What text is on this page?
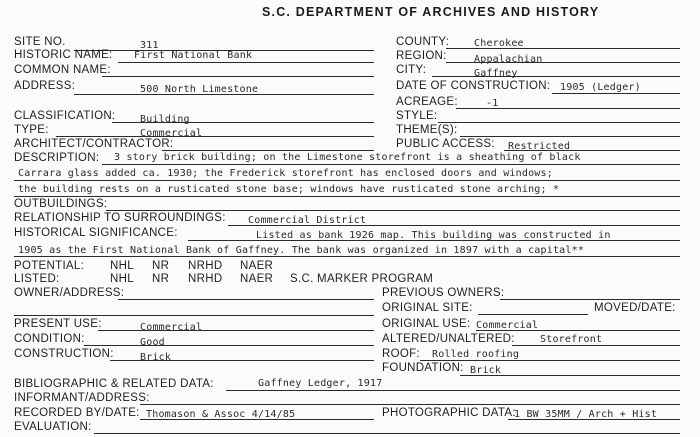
S.C. DEPARTMENT OF ARCHIVES AND HISTORY
SITE NO.	311
HISTORIC NAME: First National Bank
COMMON NAME:
ADDRESS:	500 North Limestone
COUNTY: Cherokee
REGION:	Appalachian
CITY:	Gaffney
DATE OF CONSTRUCTION: 1905 (Ledger)
ACREAGE:	-1
CLASSIFICATION: Building
TYPE:	Commercial
STYLE:
THEME(S):
ARCHITECT/CONTRACTOR:	PUBLIC ACCESS: Restricted
DESCRIPTION: 3 story brick building; on the Limestone storefront is a sheathing of black
Carrara glass added ca. 1930; the Frederick storefront has enclosed doors and windows;
the building rests on a rusticated stone base; windows have rusticated stone arching; *
OUTBUILDINGS:
RELATIONSHIP TO SURROUNDINGS: Commercial District
HISTORICAL SIGNIFICANCE:	Listed as bank 1926 map. This building was constructed in
1905 as the First National Bank of Gaffney. The bank was organized in 1897 with a capital**
POTENTIAL: NHL NR NRHD NAER
LISTED:	NHL NR NRHD NAER S.C. MARKER PROGRAM
OWNER/ADDRESS:	PREVIOUS OWNERS:
ORIGINAL SITE:	MOVED/DATE:
PRESENT USE:	Commercial	ORIGINAL USE: Commercial
CONDITION:	Good	ALTERED/UNALTERED:	Storefront
CONSTRUCTION:	Brick	ROOF: Rolled roofing
FOUNDATION: Brick
BIBLIOGRAPHIC & RELATED DATA:	Gaffney Ledger, 1917
INFORMANT/ADDRESS:
RECORDED BY/DATE: Thomason & Assoc 4/14/85	PHOTOGRAPHIC DATA:
1 BW 35MM / Arch + Hist
EVALUATION:
